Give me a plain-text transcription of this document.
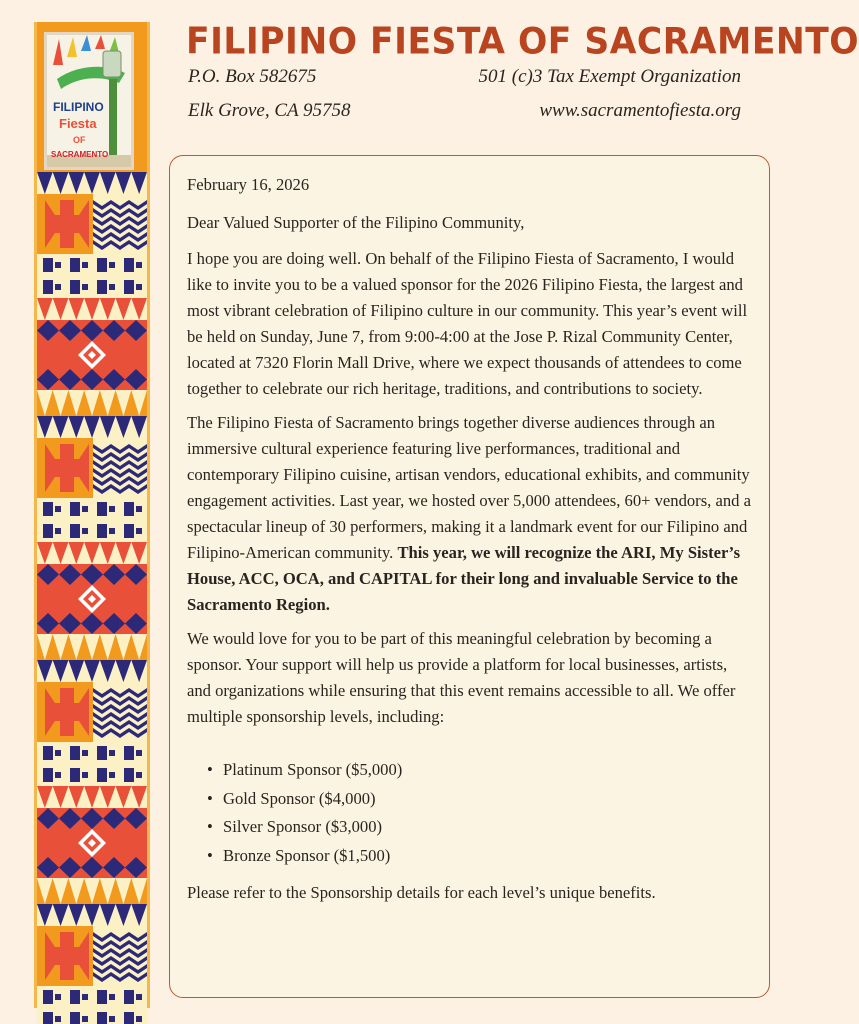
FILIPINO
Fiesta
OF
SACRAMENTO
FILIPINO FIESTA OF SACRAMENTO
P.O. Box 582675
Elk Grove, CA 95758
501 (c)3 Tax Exempt Organization
www.sacramentofiesta.org

February 16, 2026

Dear Valued Supporter of the Filipino Community,

I hope you are doing well. On behalf of the Filipino Fiesta of Sacramento, I would like to invite you to be a valued sponsor for the 2026 Filipino Fiesta, the largest and most vibrant celebration of Filipino culture in our community. This year’s event will be held on Sunday, June 7, from 9:00-4:00 at the Jose P. Rizal Community Center, located at 7320 Florin Mall Drive, where we expect thousands of attendees to come together to celebrate our rich heritage, traditions, and contributions to society.

The Filipino Fiesta of Sacramento brings together diverse audiences through an immersive cultural experience featuring live performances, traditional and contemporary Filipino cuisine, artisan vendors, educational exhibits, and community engagement activities. Last year, we hosted over 5,000 attendees, 60+ vendors, and a spectacular lineup of 30 performers, making it a landmark event for our Filipino and Filipino-American community. This year, we will recognize the ARI, My Sister’s House, ACC, OCA, and CAPITAL for their long and invaluable Service to the Sacramento Region.

We would love for you to be part of this meaningful celebration by becoming a sponsor. Your support will help us provide a platform for local businesses, artists, and organizations while ensuring that this event remains accessible to all. We offer multiple sponsorship levels, including:

• Platinum Sponsor ($5,000)
• Gold Sponsor ($4,000)
• Silver Sponsor ($3,000)
• Bronze Sponsor ($1,500)

Please refer to the Sponsorship details for each level’s unique benefits.
